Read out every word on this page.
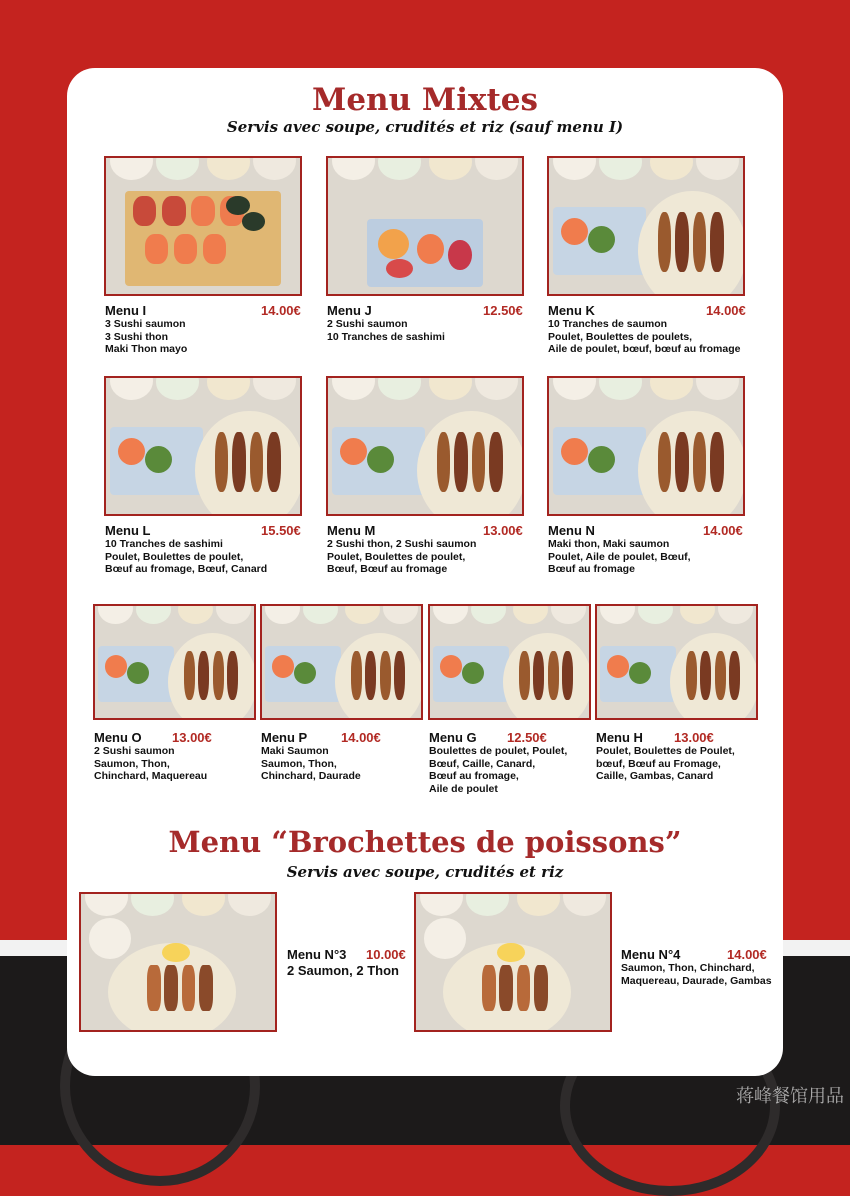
Menu Mixtes
Servis avec soupe, crudités et riz (sauf menu I)
Menu “Brochettes de poissons”
Servis avec soupe, crudités et riz
Menu I	14.00€
3 Sushi saumon
3 Sushi thon
Maki Thon mayo
Menu J	12.50€
2 Sushi saumon
10 Tranches de sashimi
Menu K	14.00€
10 Tranches de saumon
Poulet, Boulettes de poulets,
Aile de poulet, bœuf, bœuf au fromage
Menu L	15.50€
10 Tranches de sashimi
Poulet, Boulettes de poulet,
Bœuf au fromage, Bœuf, Canard
Menu M	13.00€
2 Sushi thon, 2 Sushi saumon
Poulet, Boulettes de poulet,
Bœuf, Bœuf au fromage
Menu N	14.00€
Maki thon, Maki saumon
Poulet, Aile de poulet, Bœuf,
Bœuf au fromage
Menu O 13.00€
2 Sushi saumon
Saumon, Thon,
Chinchard, Maquereau
Menu P	14.00€
Maki Saumon
Saumon, Thon,
Chinchard, Daurade
Menu G 12.50€
Boulettes de poulet, Poulet,
Bœuf, Caille, Canard,
Bœuf au fromage,
Aile de poulet
Menu H 13.00€
Poulet, Boulettes de Poulet,
bœuf, Bœuf au Fromage,
Caille, Gambas, Canard
Menu N°3 10.00€
2 Saumon, 2 Thon
Menu N°4	14.00€
Saumon, Thon, Chinchard,
Maquereau, Daurade, Gambas
蒋峰餐馆用品
